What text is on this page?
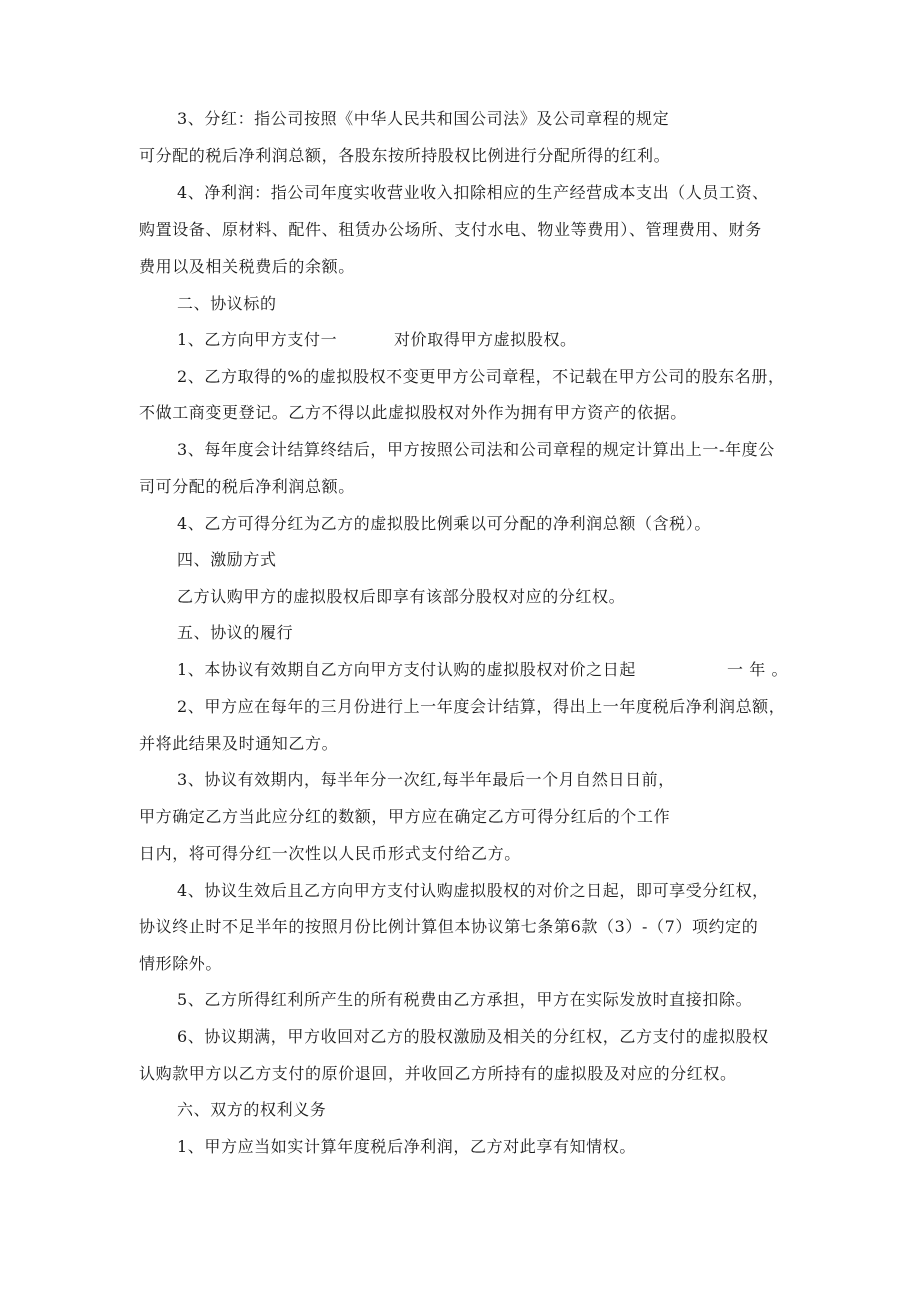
3、分红：指公司按照《中华人民共和国公司法》及公司章程的规定
可分配的税后净利润总额，各股东按所持股权比例进行分配所得的红利。
4、净利润：指公司年度实收营业收入扣除相应的生产经营成本支出（人员工资、
购置设备、原材料、配件、租赁办公场所、支付水电、物业等费用）、管理费用、财务
费用以及相关税费后的余额。
二、协议标的
1、乙方向甲方支付一          对价取得甲方虚拟股权。
2、乙方取得的%的虚拟股权不变更甲方公司章程，不记载在甲方公司的股东名册，
不做工商变更登记。乙方不得以此虚拟股权对外作为拥有甲方资产的依据。
3、每年度会计结算终结后，甲方按照公司法和公司章程的规定计算出上一-年度公
司可分配的税后净利润总额。
4、乙方可得分红为乙方的虚拟股比例乘以可分配的净利润总额（含税）。
四、激励方式
乙方认购甲方的虚拟股权后即享有该部分股权对应的分红权。
五、协议的履行
1、本协议有效期自乙方向甲方支付认购的虚拟股权对价之日起                一 年 。
2、甲方应在每年的三月份进行上一年度会计结算，得出上一年度税后净利润总额，
并将此结果及时通知乙方。
3、协议有效期内，每半年分一次红,每半年最后一个月自然日日前，
甲方确定乙方当此应分红的数额，甲方应在确定乙方可得分红后的个工作
日内，将可得分红一次性以人民币形式支付给乙方。
4、协议生效后且乙方向甲方支付认购虚拟股权的对价之日起，即可享受分红权，
协议终止时不足半年的按照月份比例计算但本协议第七条第6款（3）-（7）项约定的
情形除外。
5、乙方所得红利所产生的所有税费由乙方承担，甲方在实际发放时直接扣除。
6、协议期满，甲方收回对乙方的股权激励及相关的分红权，乙方支付的虚拟股权
认购款甲方以乙方支付的原价退回，并收回乙方所持有的虚拟股及对应的分红权。
六、双方的权利义务
1、甲方应当如实计算年度税后净利润，乙方对此享有知情权。
